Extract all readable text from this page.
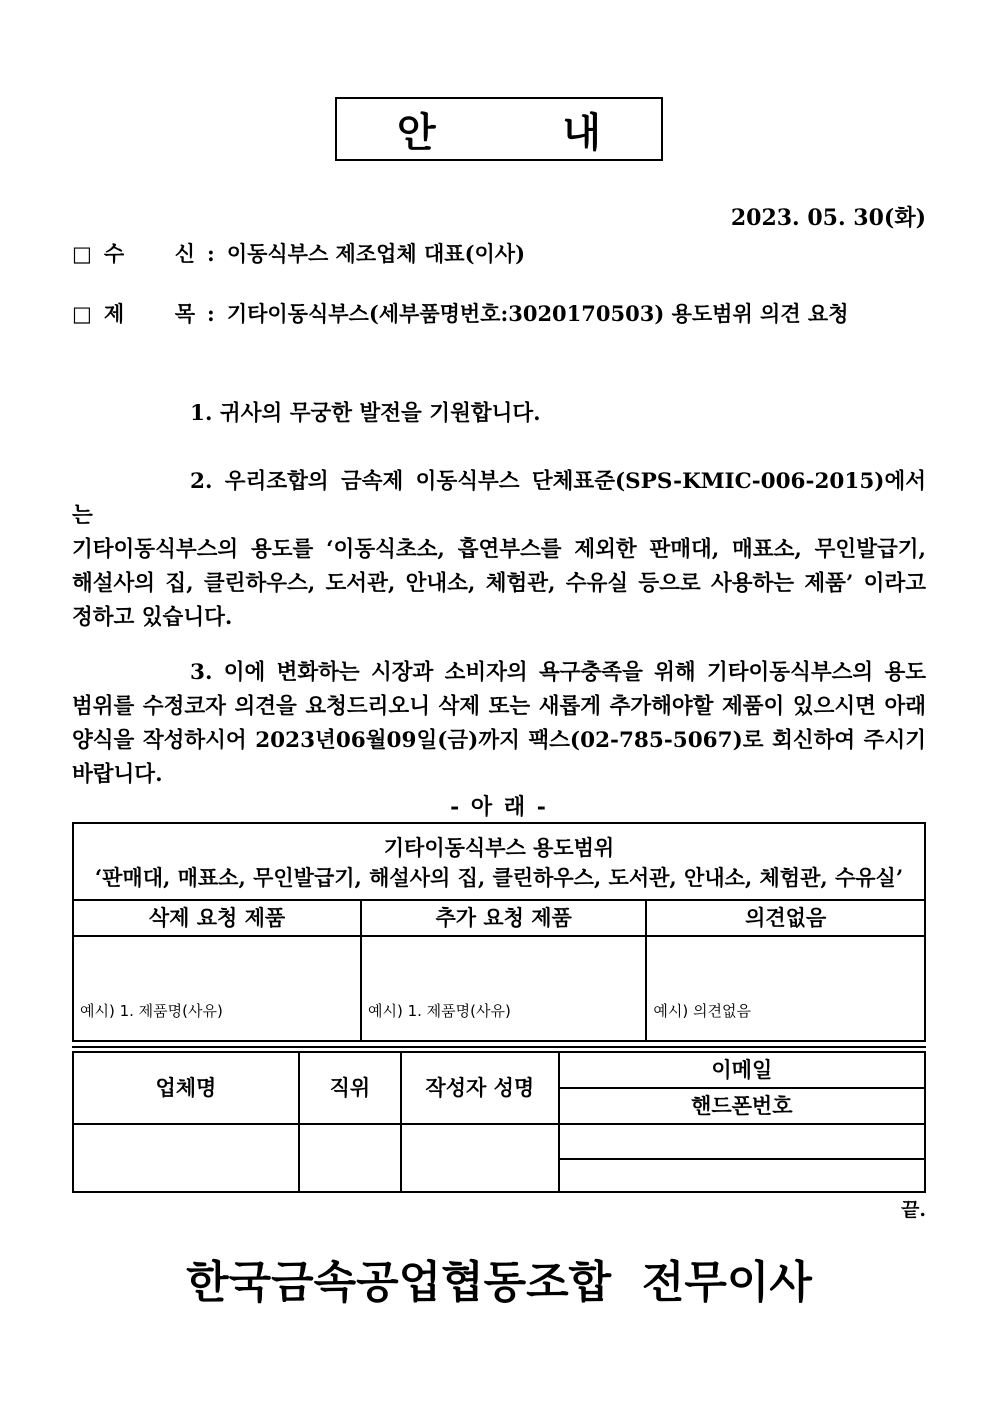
안	내
2023. 05. 30(화)
□ 수  신 : 이동식부스 제조업체 대표(이사)
□ 제  목 : 기타이동식부스(세부품명번호:3020170503) 용도범위 의견 요청

1. 귀사의 무궁한 발전을 기원합니다.

2. 우리조합의 금속제 이동식부스 단체표준(SPS-KMIC-006-2015)에서는
기타이동식부스의 용도를 ‘이동식초소, 흡연부스를 제외한 판매대, 매표소, 무인발급기,
해설사의 집, 클린하우스, 도서관, 안내소, 체험관, 수유실 등으로 사용하는 제품’ 이라고
정하고 있습니다.

3. 이에 변화하는 시장과 소비자의 욕구충족을 위해 기타이동식부스의 용도
범위를 수정코자 의견을 요청드리오니 삭제 또는 새롭게 추가해야할 제품이 있으시면 아래
양식을 작성하시어 2023년06월09일(금)까지 팩스(02-785-5067)로 회신하여 주시기
바랍니다.

- 아 래 -
기타이동식부스 용도범위
‘판매대, 매표소, 무인발급기, 해설사의 집, 클린하우스, 도서관, 안내소, 체험관, 수유실’		

삭제 요청 제품	추가 요청 제품	의견없음
예시) 1. 제품명(사유)	예시) 1. 제품명(사유)	예시) 의견없음
업체명	직위	작성자 성명	이메일
			핸드폰번호

끝.
한국금속공업협동조합  전무이사
